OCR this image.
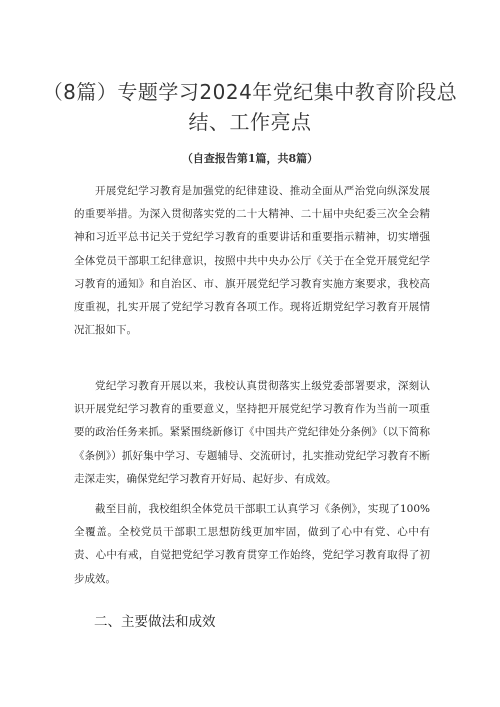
（8篇）专题学习2024年党纪集中教育阶段总结、工作亮点
（自查报告第1篇，共8篇）

开展党纪学习教育是加强党的纪律建设、推动全面从严治党向纵深发展的重要举措。为深入贯彻落实党的二十大精神、二十届中央纪委三次全会精神和习近平总书记关于党纪学习教育的重要讲话和重要指示精神，切实增强全体党员干部职工纪律意识，按照中共中央办公厅《关于在全党开展党纪学习教育的通知》和自治区、市、旗开展党纪学习教育实施方案要求，我校高度重视，扎实开展了党纪学习教育各项工作。现将近期党纪学习教育开展情况汇报如下。

党纪学习教育开展以来，我校认真贯彻落实上级党委部署要求，深刻认识开展党纪学习教育的重要意义，坚持把开展党纪学习教育作为当前一项重要的政治任务来抓。紧紧围绕新修订《中国共产党纪律处分条例》（以下简称《条例》）抓好集中学习、专题辅导、交流研讨，扎实推动党纪学习教育不断走深走实，确保党纪学习教育开好局、起好步、有成效。

截至目前，我校组织全体党员干部职工认真学习《条例》，实现了100%全覆盖。全校党员干部职工思想防线更加牢固，做到了心中有党、心中有责、心中有戒，自觉把党纪学习教育贯穿工作始终，党纪学习教育取得了初步成效。

二、主要做法和成效
